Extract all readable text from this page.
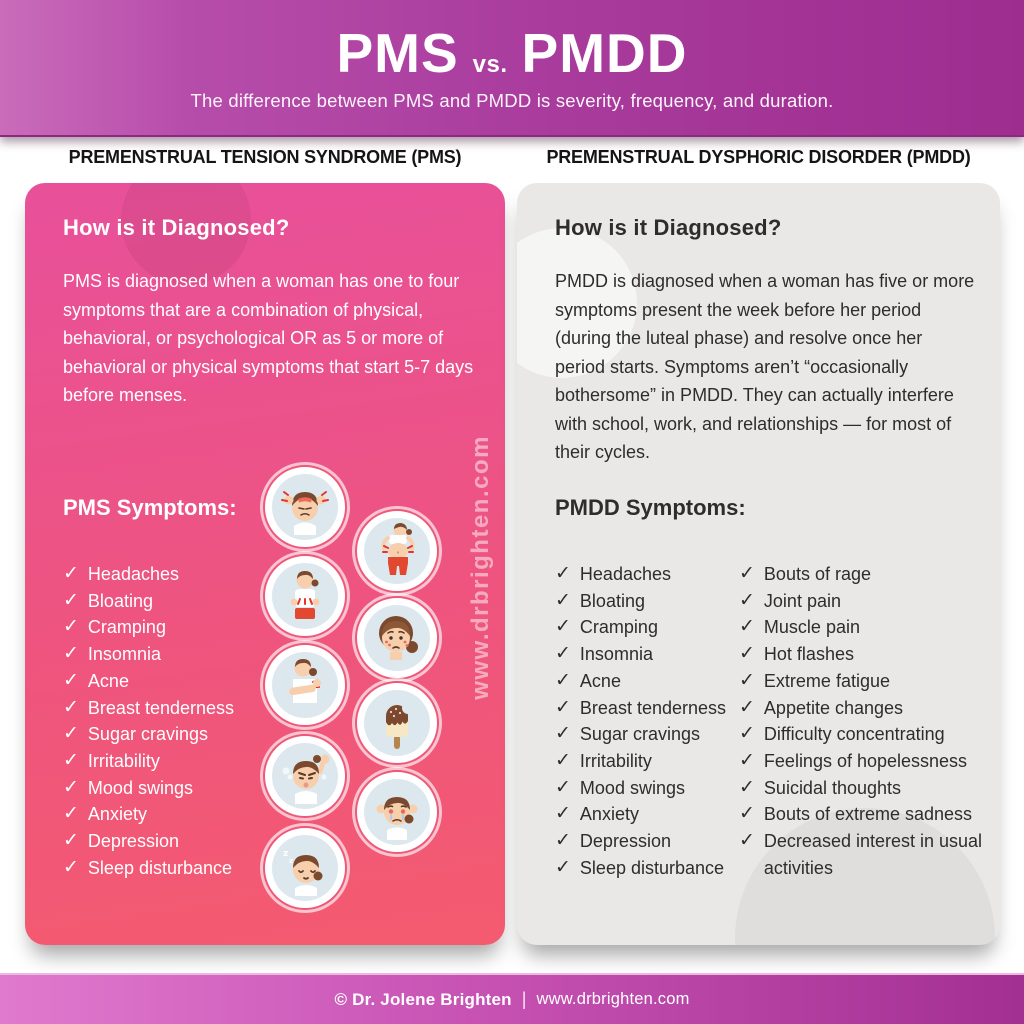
PMS vs. PMDD
The difference between PMS and PMDD is severity, frequency, and duration.
PREMENSTRUAL TENSION SYNDROME (PMS)	PREMENSTRUAL DYSPHORIC DISORDER (PMDD)
How is it Diagnosed?
PMS is diagnosed when a woman has one to four symptoms that are a combination of physical, behavioral, or psychological OR as 5 or more of behavioral or physical symptoms that start 5-7 days before menses.
PMS Symptoms:
✓ Headaches
✓ Bloating
✓ Cramping
✓ Insomnia
✓ Acne
✓ Breast tenderness
✓ Sugar cravings
✓ Irritability
✓ Mood swings
✓ Anxiety
✓ Depression
✓ Sleep disturbance
z
z
www.drbrighten.com
How is it Diagnosed?
PMDD is diagnosed when a woman has five or more symptoms present the week before her period (during the luteal phase) and resolve once her period starts. Symptoms aren’t “occasionally bothersome” in PMDD. They can actually interfere with school, work, and relationships — for most of their cycles.
PMDD Symptoms:
✓ Headaches
✓ Bloating
✓ Cramping
✓ Insomnia
✓ Acne
✓ Breast tenderness
✓ Sugar cravings
✓ Irritability
✓ Mood swings
✓ Anxiety
✓ Depression
✓ Sleep disturbance
✓ Bouts of rage
✓ Joint pain
✓ Muscle pain
✓ Hot flashes
✓ Extreme fatigue
✓ Appetite changes
✓ Difficulty concentrating
✓ Feelings of hopelessness
✓ Suicidal thoughts
✓ Bouts of extreme sadness
✓ Decreased interest in usual activities
© Dr. Jolene Brighten | www.drbrighten.com
